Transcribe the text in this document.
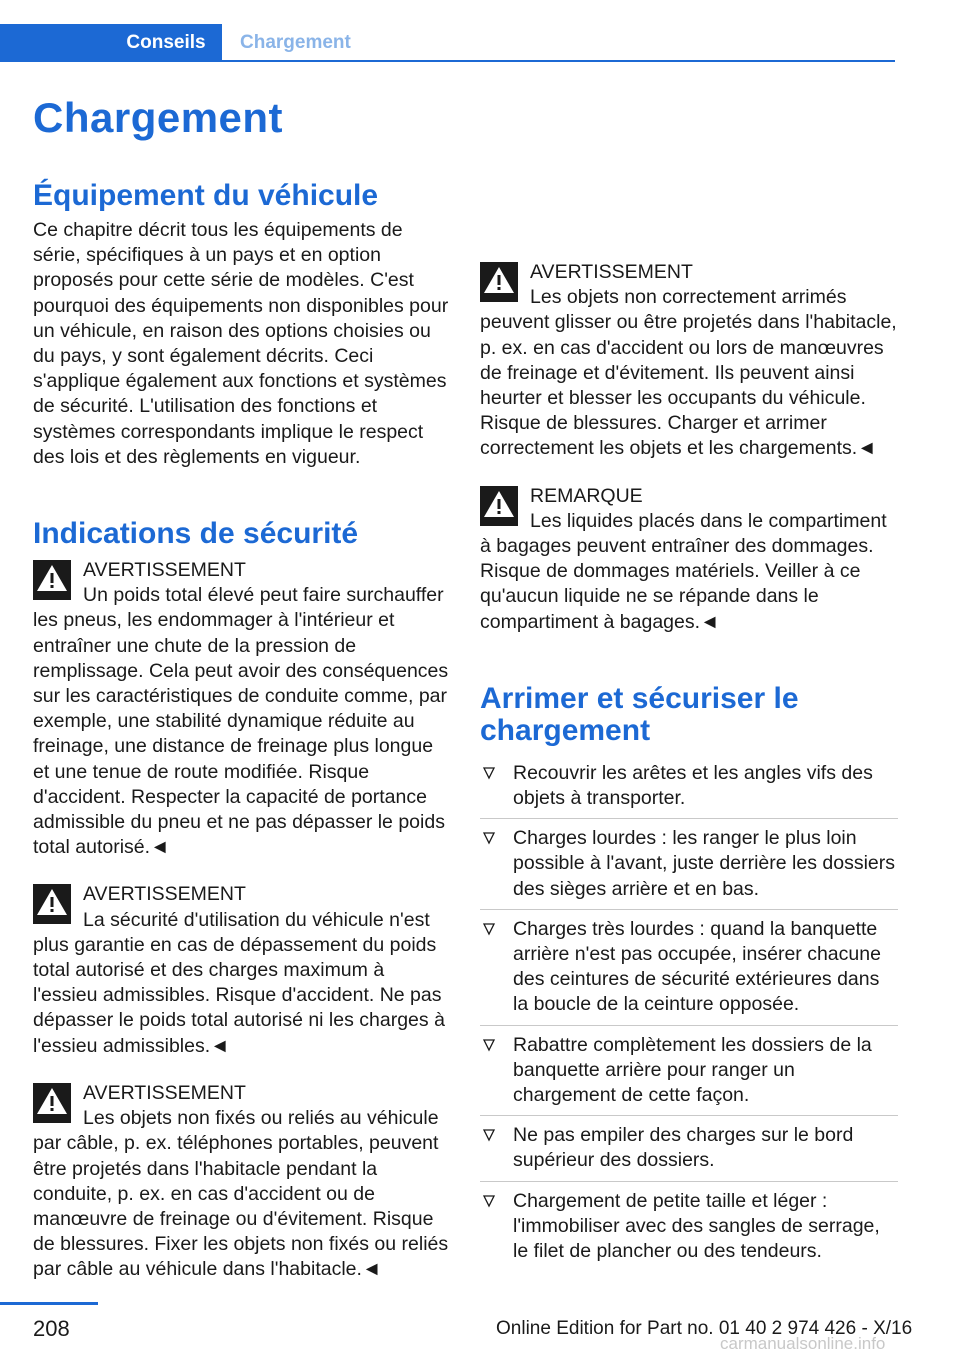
Conseils	Chargement
Chargement
Équipement du véhicule

Ce chapitre décrit tous les équipements de série, spécifiques à un pays et en option proposés pour cette série de modèles. C'est pourquoi des équipements non disponibles pour un véhicule, en raison des options choisies ou du pays, y sont également décrits. Ceci s'applique également aux fonctions et systèmes de sécurité. L'utilisation des fonctions et systèmes correspondants implique le respect des lois et des règlements en vigueur.

Indications de sécurité
AVERTISSEMENT

Un poids total élevé peut faire surchauffer les pneus, les endommager à l'intérieur et entraîner une chute de la pression de remplissage. Cela peut avoir des conséquences sur les caractéristiques de conduite comme, par exemple, une stabilité dynamique réduite au freinage, une distance de freinage plus longue et une tenue de route modifiée. Risque d'accident. Respecter la capacité de portance admissible du pneu et ne pas dépasser le poids total autorisé.◄

AVERTISSEMENT

La sécurité d'utilisation du véhicule n'est plus garantie en cas de dépassement du poids total autorisé et des charges maximum à l'essieu admissibles. Risque d'accident. Ne pas dépasser le poids total autorisé ni les charges à l'essieu admissibles.◄

AVERTISSEMENT

Les objets non fixés ou reliés au véhicule par câble, p. ex. téléphones portables, peuvent être projetés dans l'habitacle pendant la conduite, p. ex. en cas d'accident ou de manœuvre de freinage ou d'évitement. Risque de blessures. Fixer les objets non fixés ou reliés par câble au véhicule dans l'habitacle.◄

AVERTISSEMENT

Les objets non correctement arrimés peuvent glisser ou être projetés dans l'habitacle, p. ex. en cas d'accident ou lors de manœuvres de freinage et d'évitement. Ils peuvent ainsi heurter et blesser les occupants du véhicule. Risque de blessures. Charger et arrimer correctement les objets et les chargements.◄

REMARQUE

Les liquides placés dans le compartiment à bagages peuvent entraîner des dommages. Risque de dommages matériels. Veiller à ce qu'aucun liquide ne se répande dans le compartiment à bagages.◄

Arrimer et sécuriser le chargement
Recouvrir les arêtes et les angles vifs des objets à transporter.
Charges lourdes : les ranger le plus loin possible à l'avant, juste derrière les dossiers des sièges arrière et en bas.
Charges très lourdes : quand la banquette arrière n'est pas occupée, insérer chacune des ceintures de sécurité extérieures dans la boucle de la ceinture opposée.
Rabattre complètement les dossiers de la banquette arrière pour ranger un chargement de cette façon.
Ne pas empiler des charges sur le bord supérieur des dossiers.
Chargement de petite taille et léger : l'immobiliser avec des sangles de serrage, le filet de plancher ou des tendeurs.
208	Online Edition for Part no. 01 40 2 974 426 - X/16
carmanualsonline.info
